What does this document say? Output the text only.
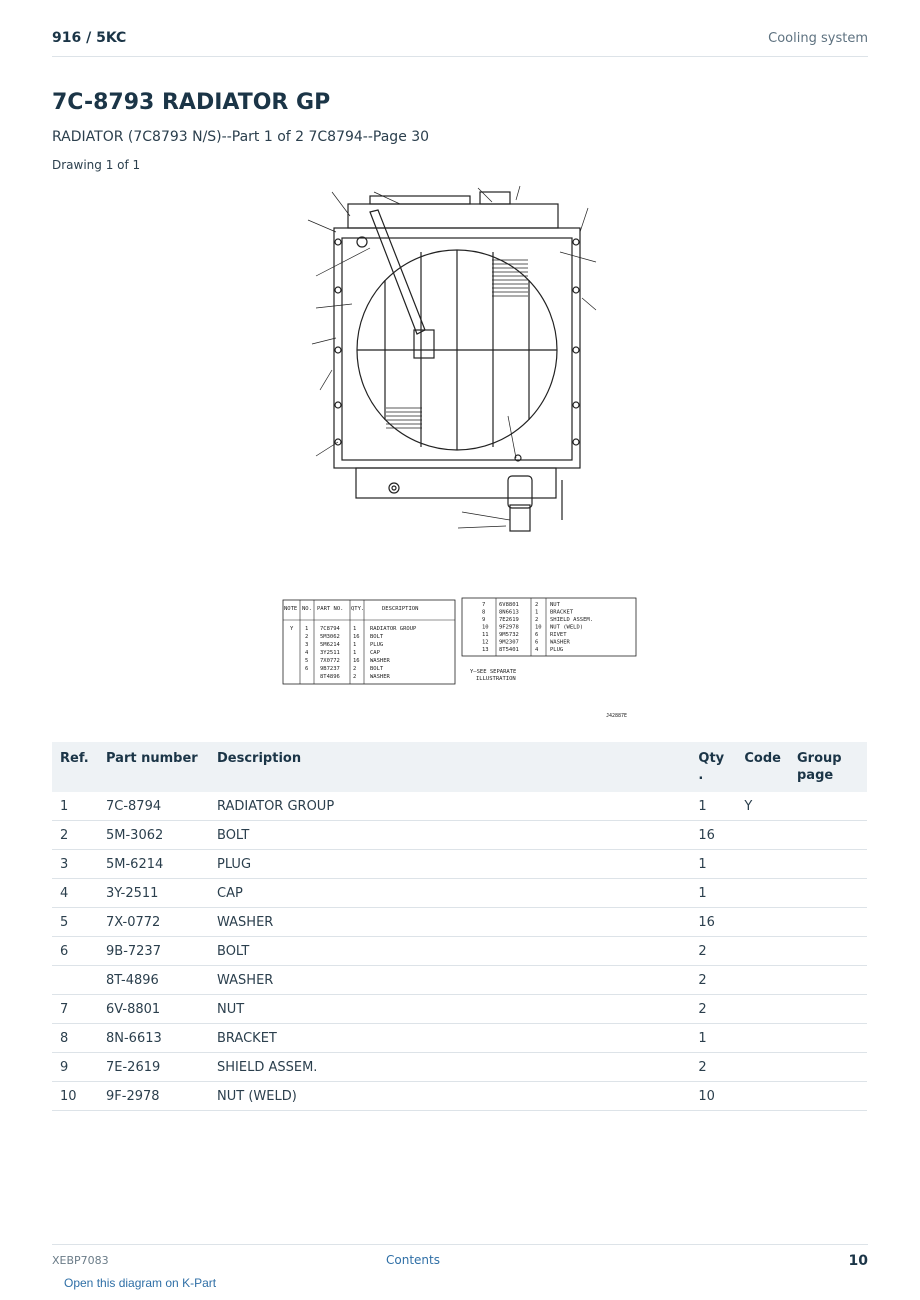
916 / 5KC	Cooling system
7C-8793 RADIATOR GP
RADIATOR (7C8793 N/S)--Part 1 of 2 7C8794--Page 30
Drawing 1 of 1
NOTE NO. PART NO. QTY.	DESCRIPTION
Y 1 7C8794 1 RADIATOR GROUP
2 5M3062 16 BOLT
3 5M6214 1 PLUG
4 3Y2511 1 CAP
5 7X0772 16 WASHER
6 9B7237 2 BOLT
8T4896 2 WASHER
7 6V8801	2 NUT
8 8N6613	1 BRACKET
9 7E2619	2 SHIELD ASSEM.
10 9F2978	10 NUT (WELD)
11 9M5732	6 RIVET
12 9M2307	6 WASHER
13 8T5401	4 PLUG
Y—SEE SEPARATE
ILLUSTRATION
J42887E
Ref.	Part number	Description	Qty
.	Code	Group
page
1	7C-8794	RADIATOR GROUP	1	Y	
2	5M-3062	BOLT	16		
3	5M-6214	PLUG	1		
4	3Y-2511	CAP	1		
5	7X-0772	WASHER	16		
6	9B-7237	BOLT	2		
	8T-4896	WASHER	2		
7	6V-8801	NUT	2		
8	8N-6613	BRACKET	1		
9	7E-2619	SHIELD ASSEM.	2		
10	9F-2978	NUT (WELD)	10		
XEBP7083	Contents	10
Open this diagram on K-Part
